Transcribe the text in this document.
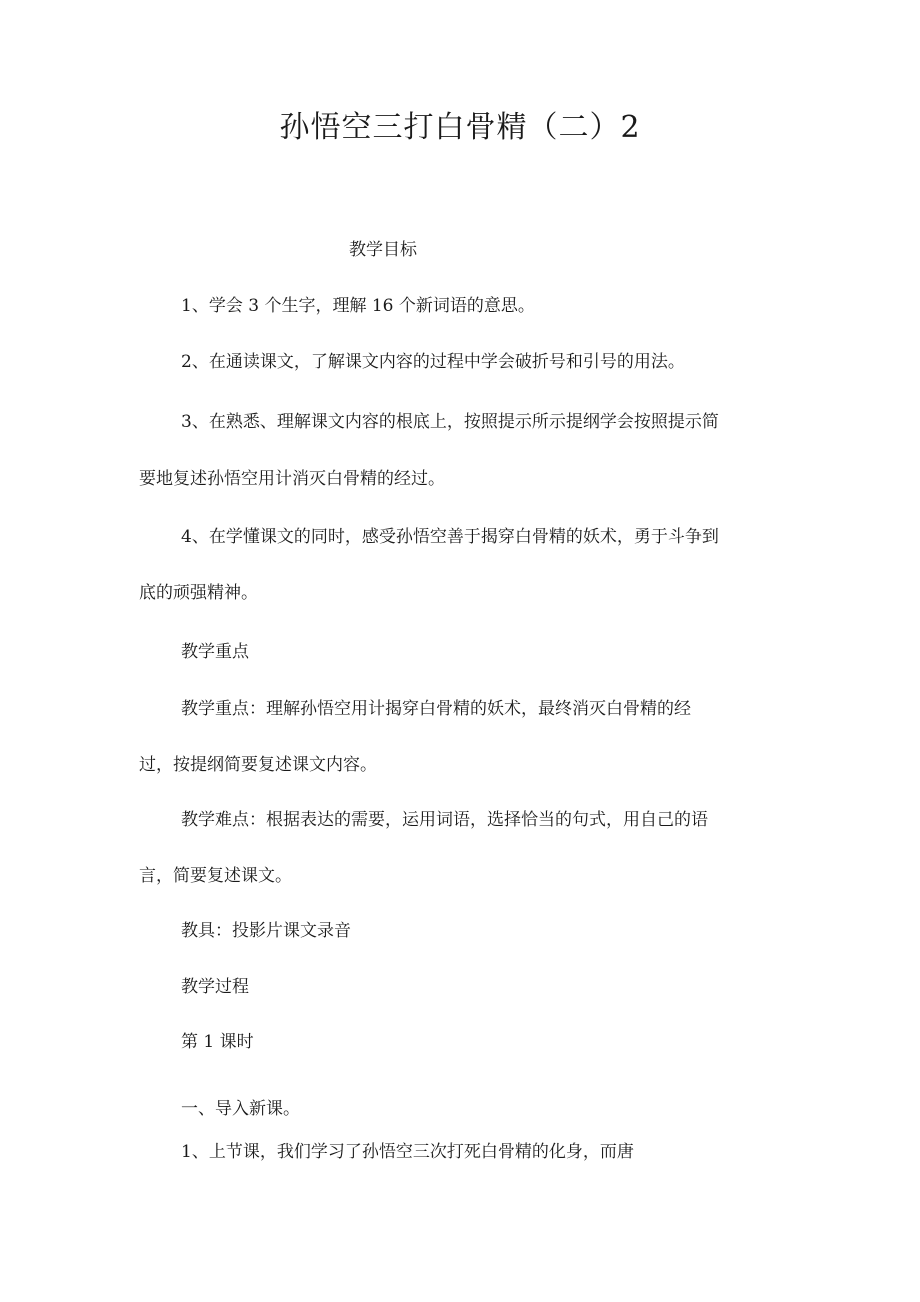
孙悟空三打白骨精（二）2
教学目标
1、学会 3 个生字，理解 16 个新词语的意思。
2、在通读课文，了解课文内容的过程中学会破折号和引号的用法。
3、在熟悉、理解课文内容的根底上，按照提示所示提纲学会按照提示简
要地复述孙悟空用计消灭白骨精的经过。
4、在学懂课文的同时，感受孙悟空善于揭穿白骨精的妖术，勇于斗争到
底的顽强精神。
教学重点
教学重点：理解孙悟空用计揭穿白骨精的妖术，最终消灭白骨精的经
过，按提纲简要复述课文内容。
教学难点：根据表达的需要，运用词语，选择恰当的句式，用自己的语
言，简要复述课文。
教具：投影片课文录音
教学过程
第 1 课时
一、导入新课。
1、上节课，我们学习了孙悟空三次打死白骨精的化身，而唐
